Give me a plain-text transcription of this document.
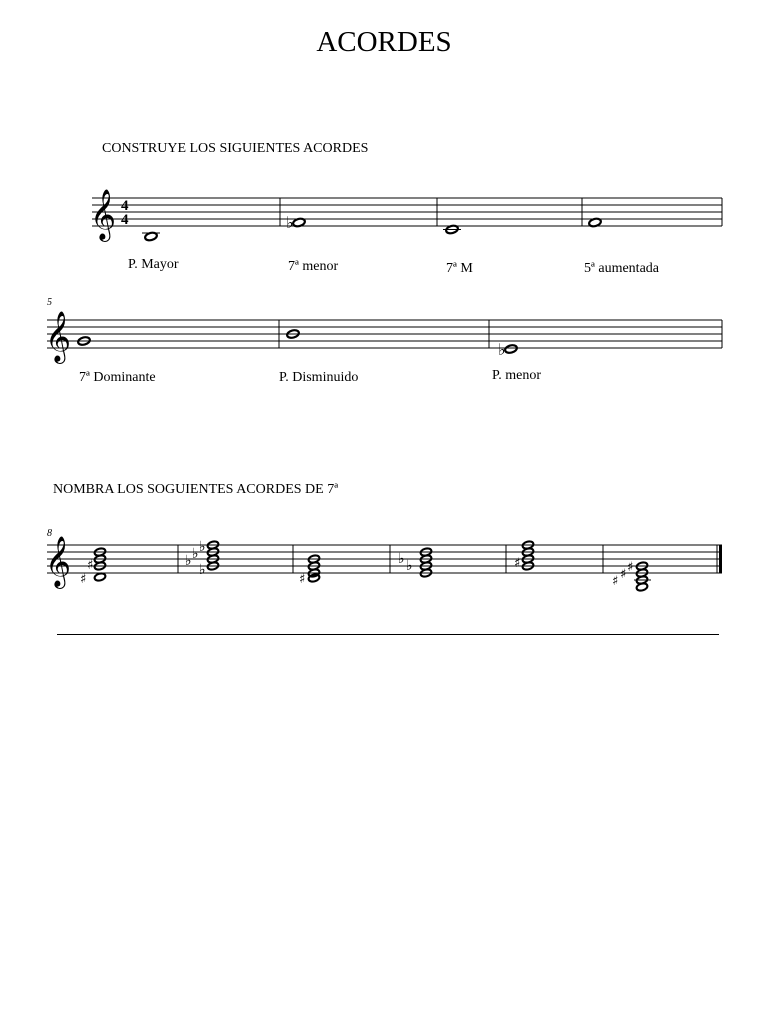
ACORDES
CONSTRUYE LOS SIGUIENTES ACORDES
𝄞 4
4	♭
P. Mayor	7ª menor	7ª M	5ª aumentada
5
𝄞	♭
7ª Dominante	P. Disminuido	P. menor
NOMBRA LOS SOGUIENTES ACORDES DE 7ª
8
𝄞 ♯
♯	♭ ♭ ♭
♭
♯
♭ ♭	♯
♯ ♯ ♯
